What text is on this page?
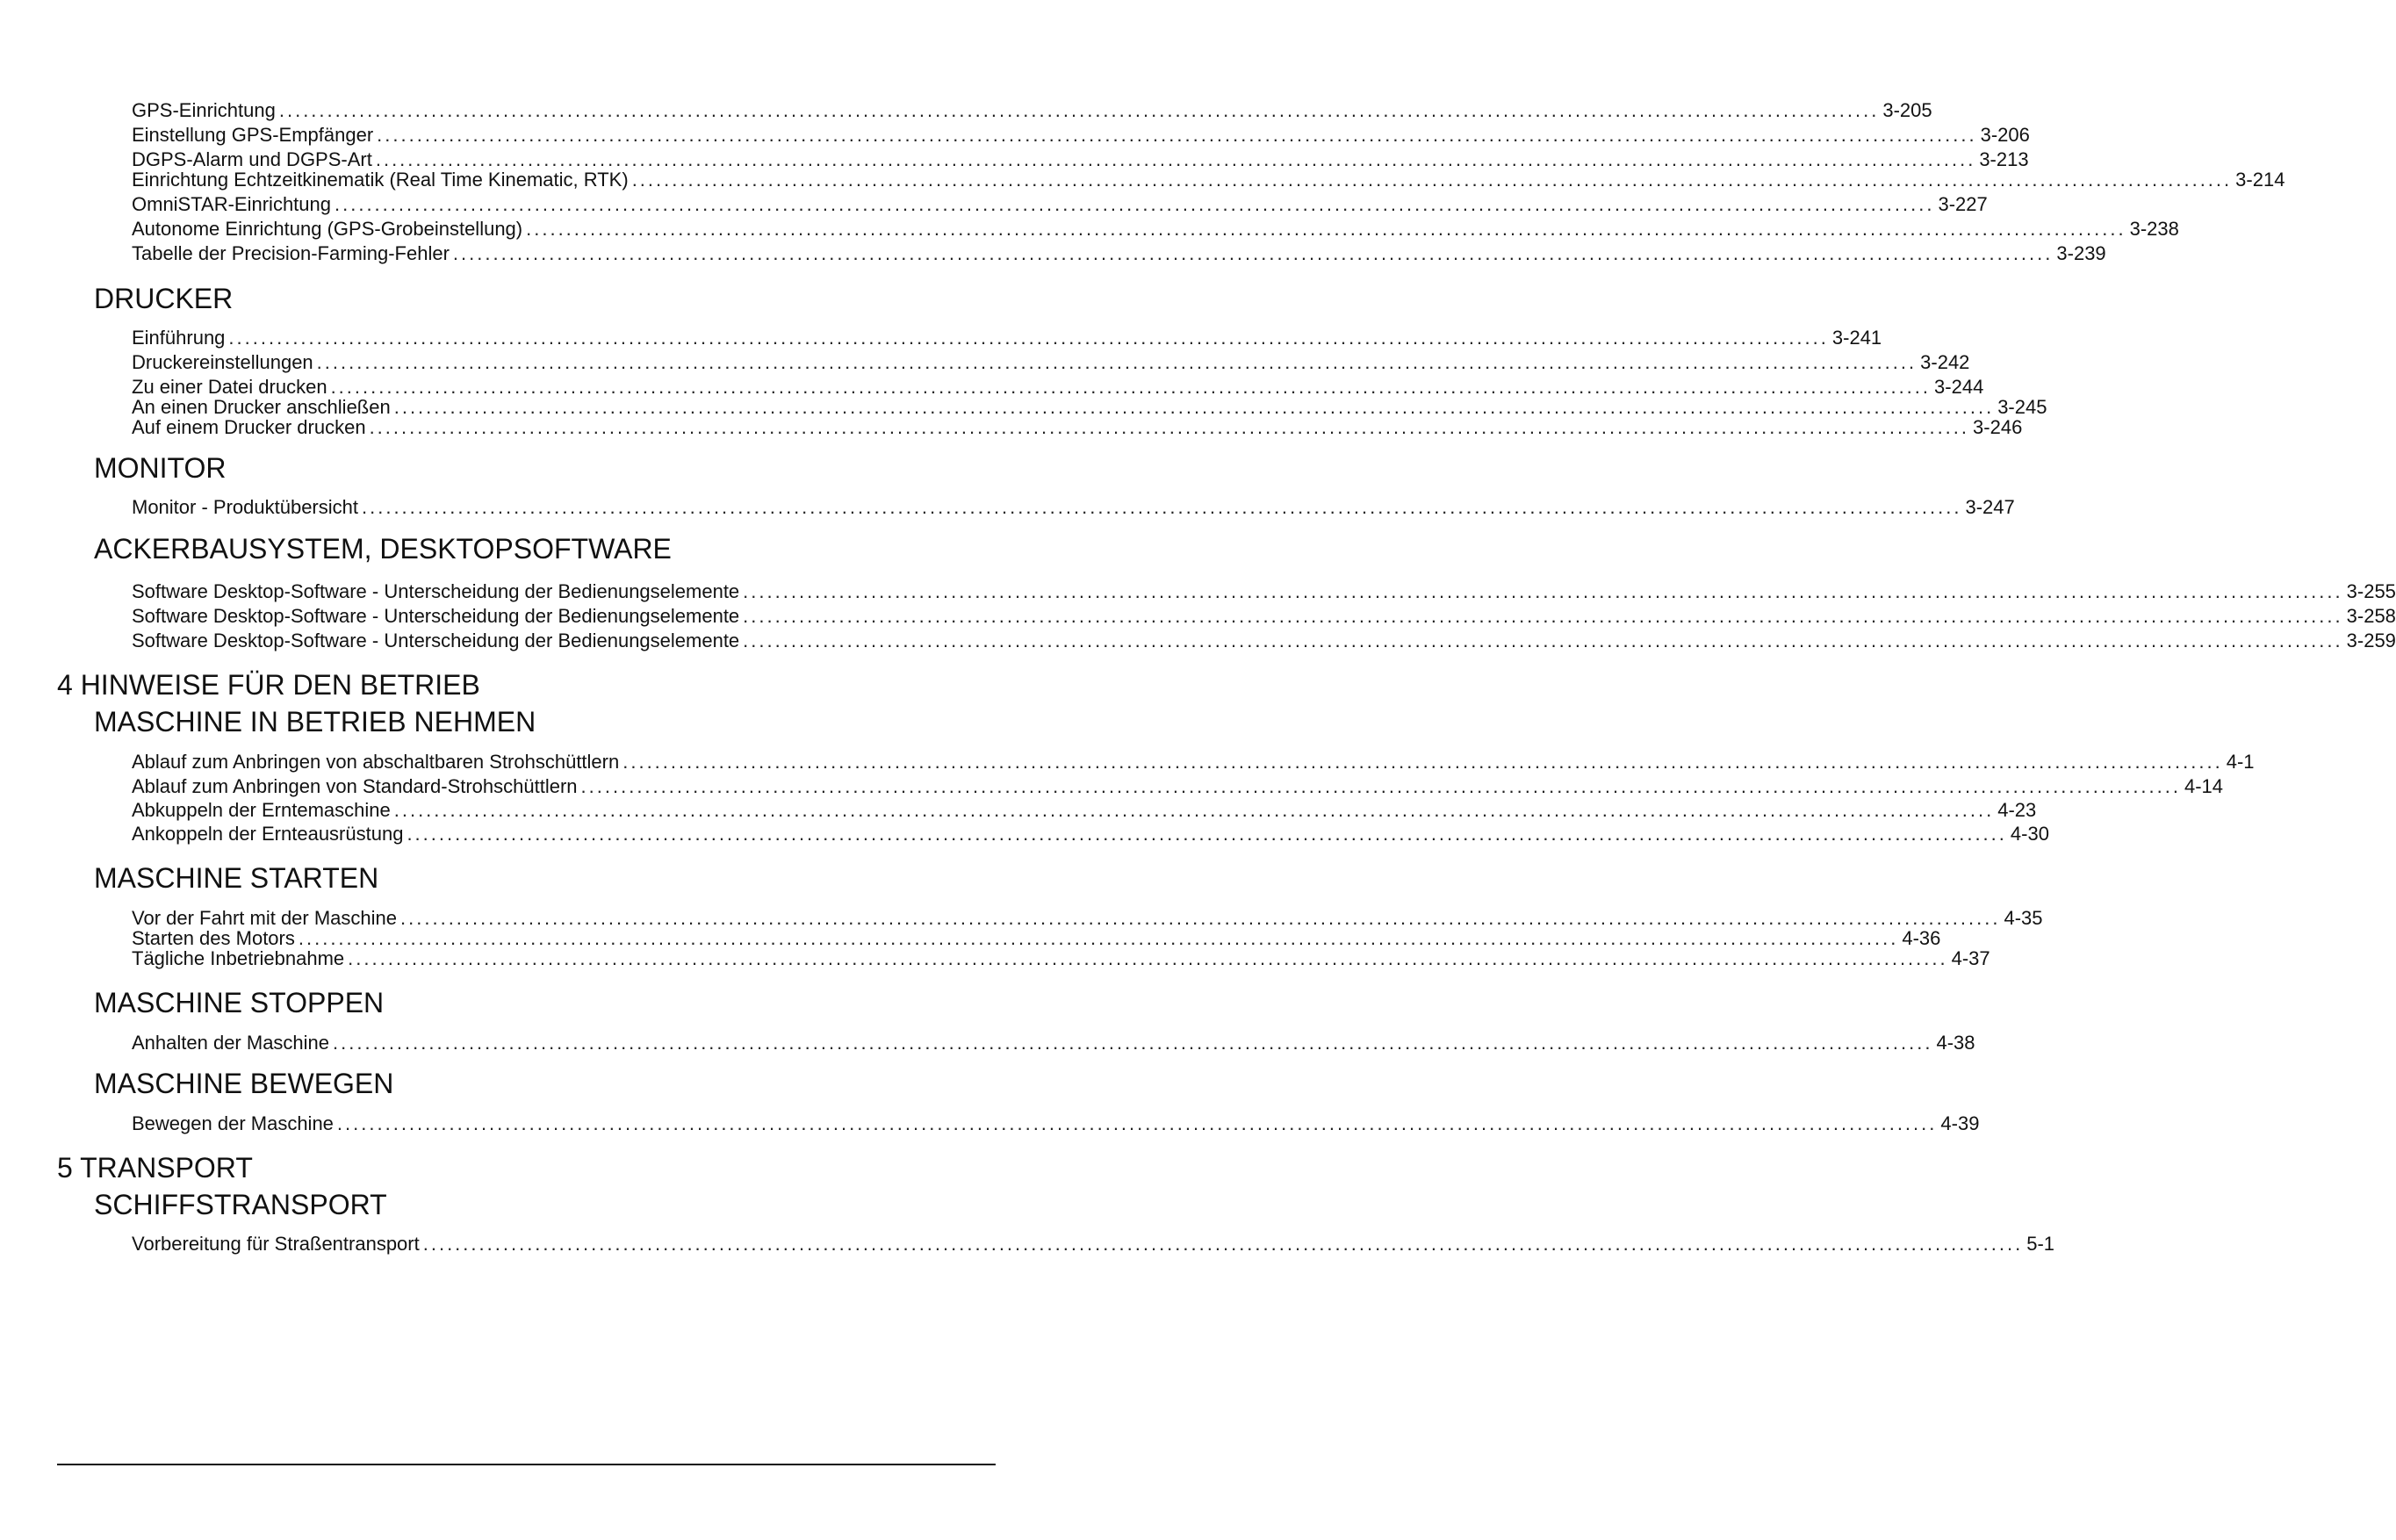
GPS-Einrichtung ........................................................................................................................................................................................................ 3-205
Einstellung GPS-Empfänger ........................................................................................................................................................................................................ 3-206
DGPS-Alarm und DGPS-Art ........................................................................................................................................................................................................ 3-213
Einrichtung Echtzeitkinematik (Real Time Kinematic, RTK) ........................................................................................................................................................................................................ 3-214
OmniSTAR-Einrichtung ........................................................................................................................................................................................................ 3-227
Autonome Einrichtung (GPS-Grobeinstellung) ........................................................................................................................................................................................................ 3-238
Tabelle der Precision-Farming-Fehler ........................................................................................................................................................................................................ 3-239
DRUCKER
Einführung ........................................................................................................................................................................................................ 3-241
Druckereinstellungen ........................................................................................................................................................................................................ 3-242
Zu einer Datei drucken ........................................................................................................................................................................................................ 3-244
An einen Drucker anschließen ........................................................................................................................................................................................................ 3-245
Auf einem Drucker drucken ........................................................................................................................................................................................................ 3-246
MONITOR
Monitor - Produktübersicht ........................................................................................................................................................................................................ 3-247
ACKERBAUSYSTEM, DESKTOPSOFTWARE
Software Desktop-Software - Unterscheidung der Bedienungselemente ........................................................................................................................................................................................................ 3-255
Software Desktop-Software - Unterscheidung der Bedienungselemente ........................................................................................................................................................................................................ 3-258
Software Desktop-Software - Unterscheidung der Bedienungselemente ........................................................................................................................................................................................................ 3-259
4 HINWEISE FÜR DEN BETRIEB
MASCHINE IN BETRIEB NEHMEN
Ablauf zum Anbringen von abschaltbaren Strohschüttlern ........................................................................................................................................................................................................ 4-1
Ablauf zum Anbringen von Standard-Strohschüttlern ........................................................................................................................................................................................................ 4-14
Abkuppeln der Erntemaschine ........................................................................................................................................................................................................ 4-23
Ankoppeln der Ernteausrüstung ........................................................................................................................................................................................................ 4-30
MASCHINE STARTEN
Vor der Fahrt mit der Maschine ........................................................................................................................................................................................................ 4-35
Starten des Motors ........................................................................................................................................................................................................ 4-36
Tägliche Inbetriebnahme ........................................................................................................................................................................................................ 4-37
MASCHINE STOPPEN
Anhalten der Maschine ........................................................................................................................................................................................................ 4-38
MASCHINE BEWEGEN
Bewegen der Maschine ........................................................................................................................................................................................................ 4-39
5 TRANSPORT
SCHIFFSTRANSPORT
Vorbereitung für Straßentransport ........................................................................................................................................................................................................ 5-1
